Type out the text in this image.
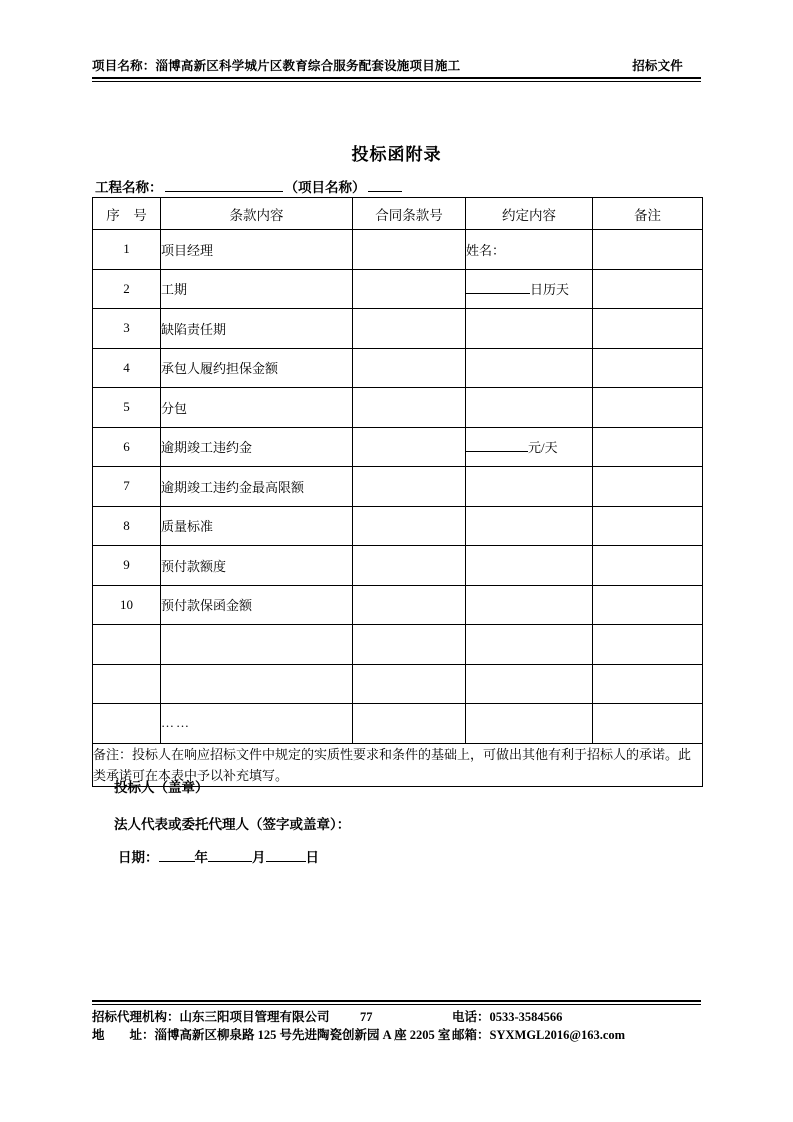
项目名称：淄博高新区科学城片区教育综合服务配套设施项目施工	招标文件
投标函附录
工程名称：	（项目名称）
序　号	条款内容	合同条款号	约定内容	备注
1	项目经理		姓名：	
2	工期		日历天	
3	缺陷责任期			
4	承包人履约担保金额			
5	分包			
6	逾期竣工违约金		元/天	
7	逾期竣工违约金最高限额			
8	质量标准			
9	预付款额度			
10	预付款保函金额			

	……			
备注：投标人在响应招标文件中规定的实质性要求和条件的基础上，可做出其他有利于招标人的承诺。此类承诺可在本表中予以补充填写。				
投标人（盖章）
法人代表或委托代理人（签字或盖章）：
日期：	年	月	日
招标代理机构：山东三阳项目管理有限公司	77	电话：0533-3584566
地　　址：淄博高新区柳泉路 125 号先进陶瓷创新园 A 座 2205 室 邮箱：SYXMGL2016@163.com
